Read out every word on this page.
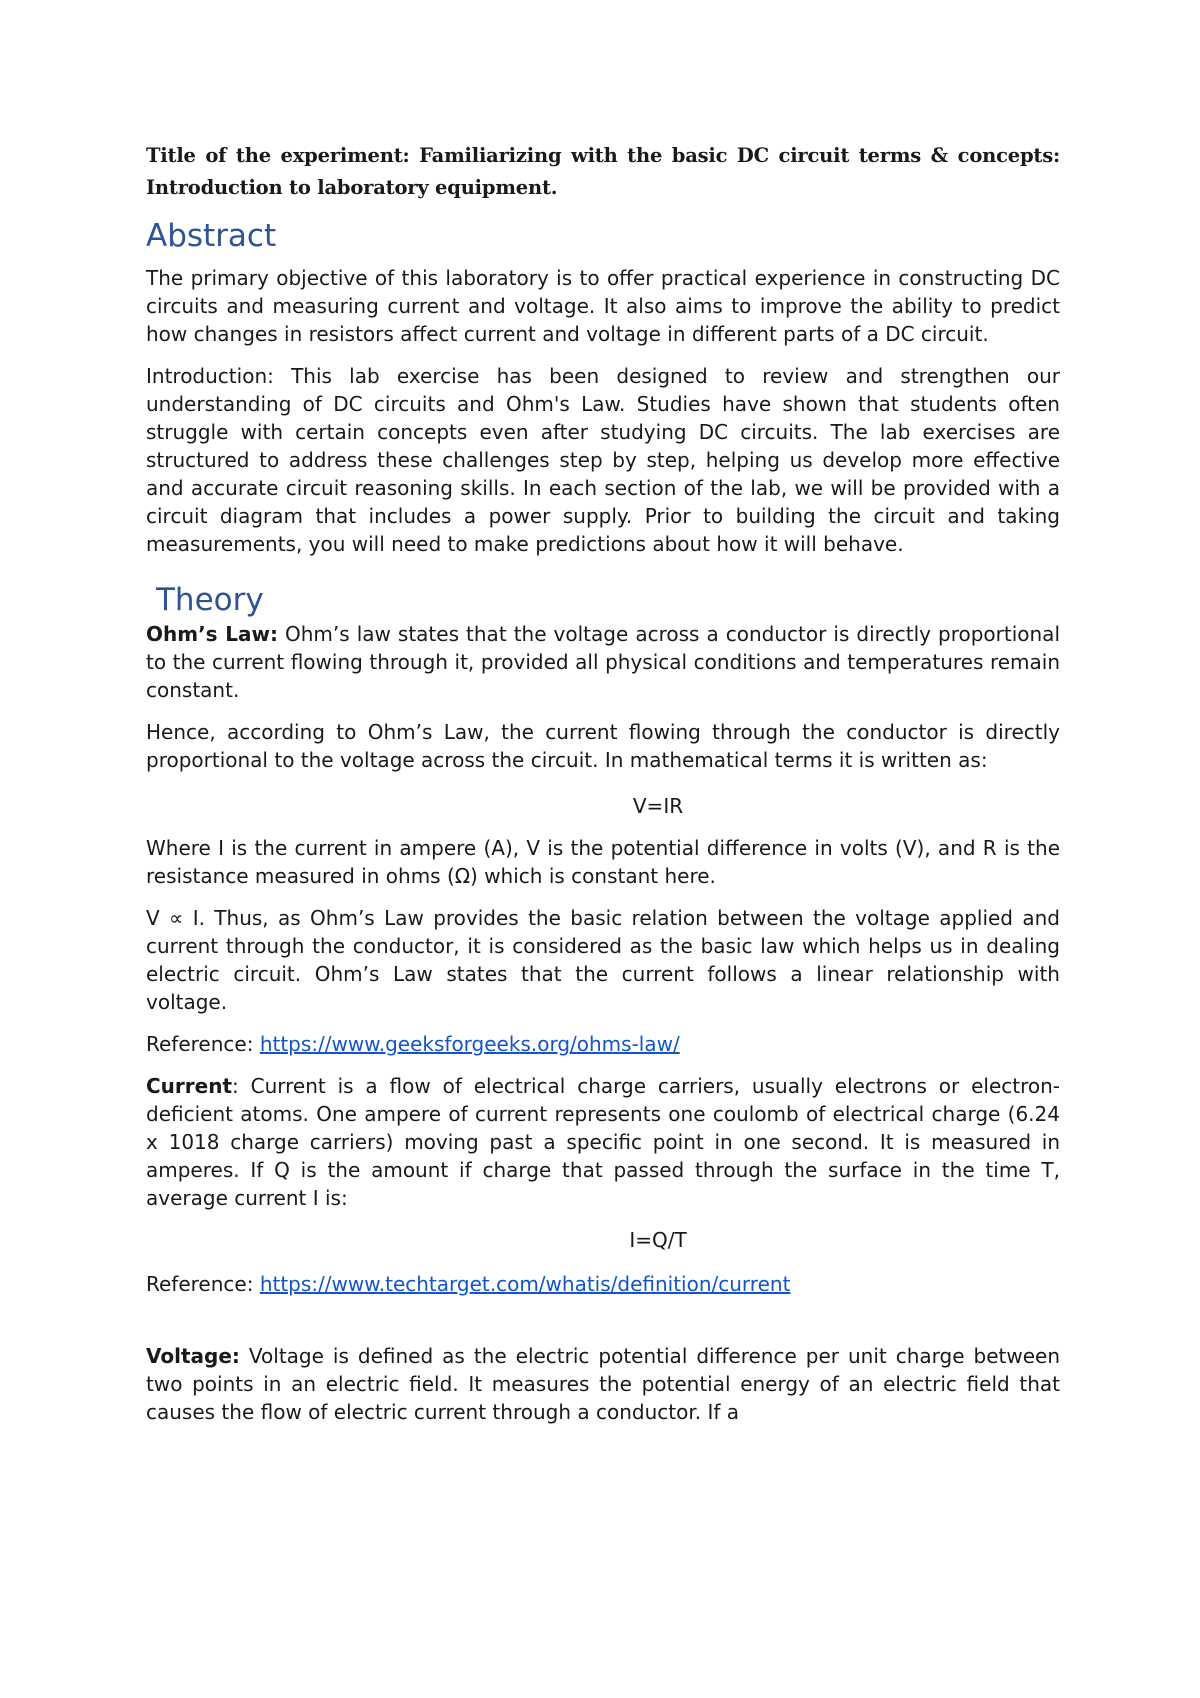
Title of the experiment: Familiarizing with the basic DC circuit terms & concepts: Introduction to laboratory equipment.

Abstract

The primary objective of this laboratory is to offer practical experience in constructing DC circuits and measuring current and voltage. It also aims to improve the ability to predict how changes in resistors affect current and voltage in different parts of a DC circuit.

Introduction: This lab exercise has been designed to review and strengthen our understanding of DC circuits and Ohm's Law. Studies have shown that students often struggle with certain concepts even after studying DC circuits. The lab exercises are structured to address these challenges step by step, helping us develop more effective and accurate circuit reasoning skills. In each section of the lab, we will be provided with a circuit diagram that includes a power supply. Prior to building the circuit and taking measurements, you will need to make predictions about how it will behave.

Theory

Ohm’s Law: Ohm’s law states that the voltage across a conductor is directly proportional to the current flowing through it, provided all physical conditions and temperatures remain constant.

Hence, according to Ohm’s Law, the current flowing through the conductor is directly proportional to the voltage across the circuit. In mathematical terms it is written as:

V=IR

Where I is the current in ampere (A), V is the potential difference in volts (V), and R is the resistance measured in ohms (Ω) which is constant here.

V ∝ I. Thus, as Ohm’s Law provides the basic relation between the voltage applied and current through the conductor, it is considered as the basic law which helps us in dealing electric circuit. Ohm’s Law states that the current follows a linear relationship with voltage.

Reference: https://www.geeksforgeeks.org/ohms-law/

Current: Current is a flow of electrical charge carriers, usually electrons or electron-deficient atoms. One ampere of current represents one coulomb of electrical charge (6.24 x 1018 charge carriers) moving past a specific point in one second. It is measured in amperes. If Q is the amount if charge that passed through the surface in the time T, average current I is:

I=Q/T

Reference: https://www.techtarget.com/whatis/definition/current

Voltage: Voltage is defined as the electric potential difference per unit charge between two points in an electric field. It measures the potential energy of an electric field that causes the flow of electric current through a conductor. If a
